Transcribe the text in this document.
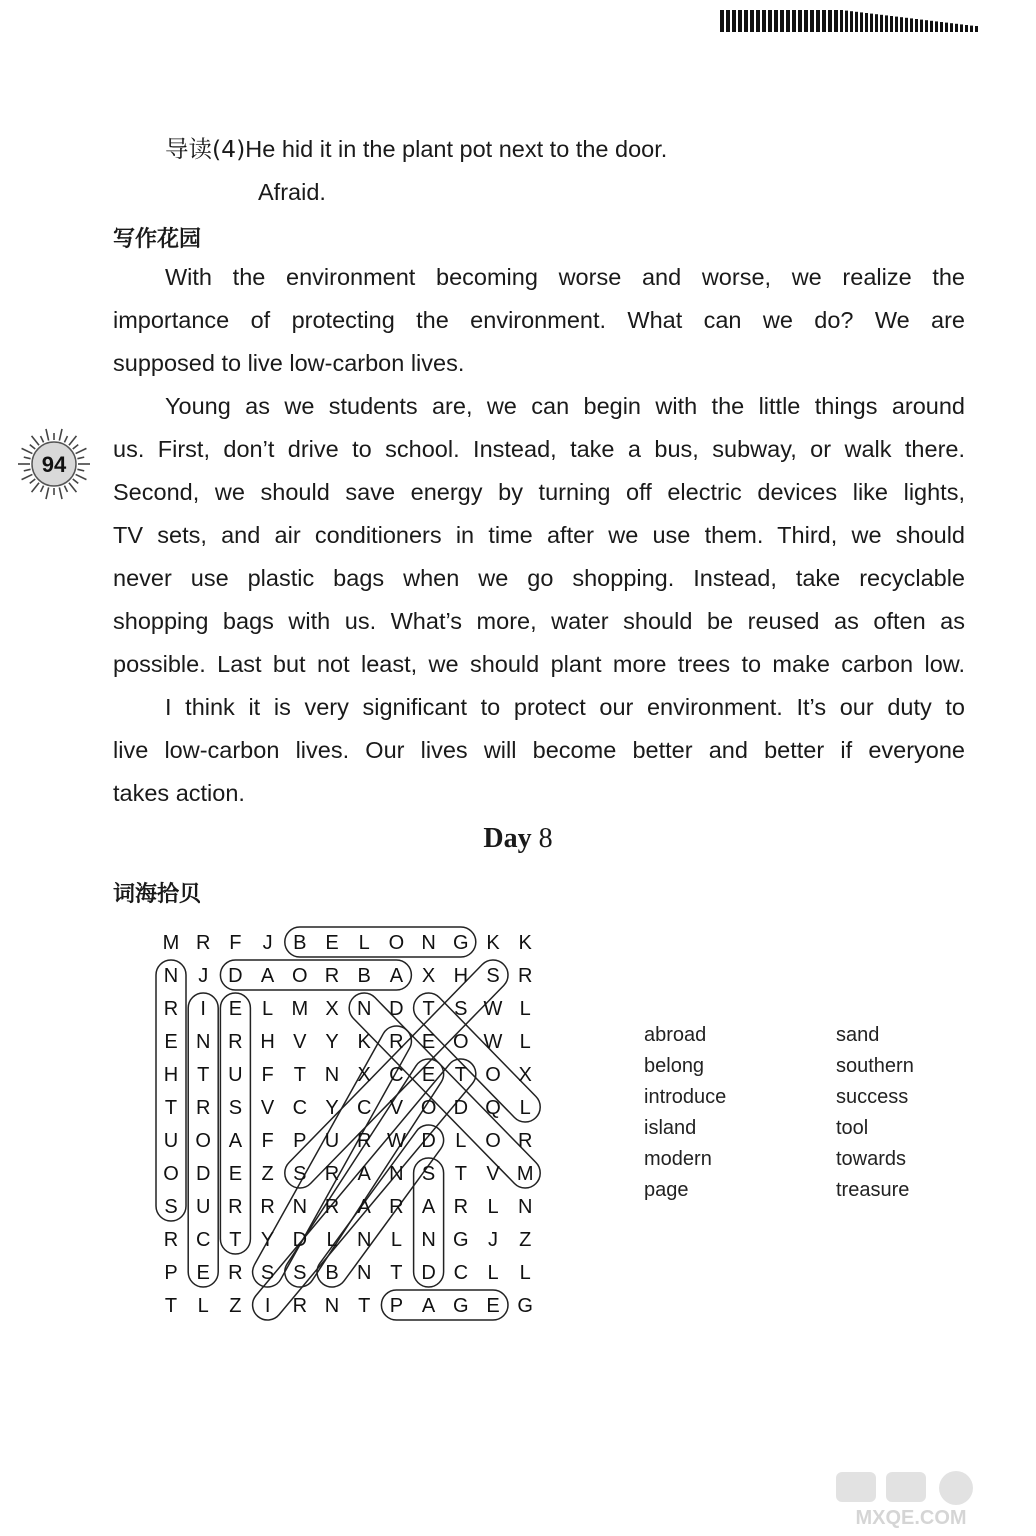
94
导读(4)He hid it in the plant pot next to the door.
Afraid.
写作花园
With the environment becoming worse and worse, we realize the
importance of protecting the environment. What can we do? We are
supposed to live low-carbon lives.
Young as we students are, we can begin with the little things around
us. First, don’t drive to school. Instead, take a bus, subway, or walk there.
Second, we should save energy by turning off electric devices like lights,
TV sets, and air conditioners in time after we use them. Third, we should
never use plastic bags when we go shopping. Instead, take recyclable
shopping bags with us. What’s more, water should be reused as often as
possible. Last but not least, we should plant more trees to make carbon low.
I think it is very significant to protect our environment. It’s our duty to
live low-carbon lives. Our lives will become better and better if everyone
takes action.
Day 8
词海拾贝
M R F J B E L O N G K K
N J D A O R B A X H S R
R I E L M X N D T S W L
E N R H V Y K R E O W L
H T U F T N X C E T O X
T R S V C Y C V O D Q L
U O A F P U R W D L O R
O D E Z S R A N S T V M
S U R R N R A R A R L N
R C T Y D L N L N G J Z
P E R S S B N T D C L L
T L Z I R N T P A G E G
abroad
belong
introduce
island
modern
page
sand
southern
success
tool
towards
treasure
MXQE.COM
